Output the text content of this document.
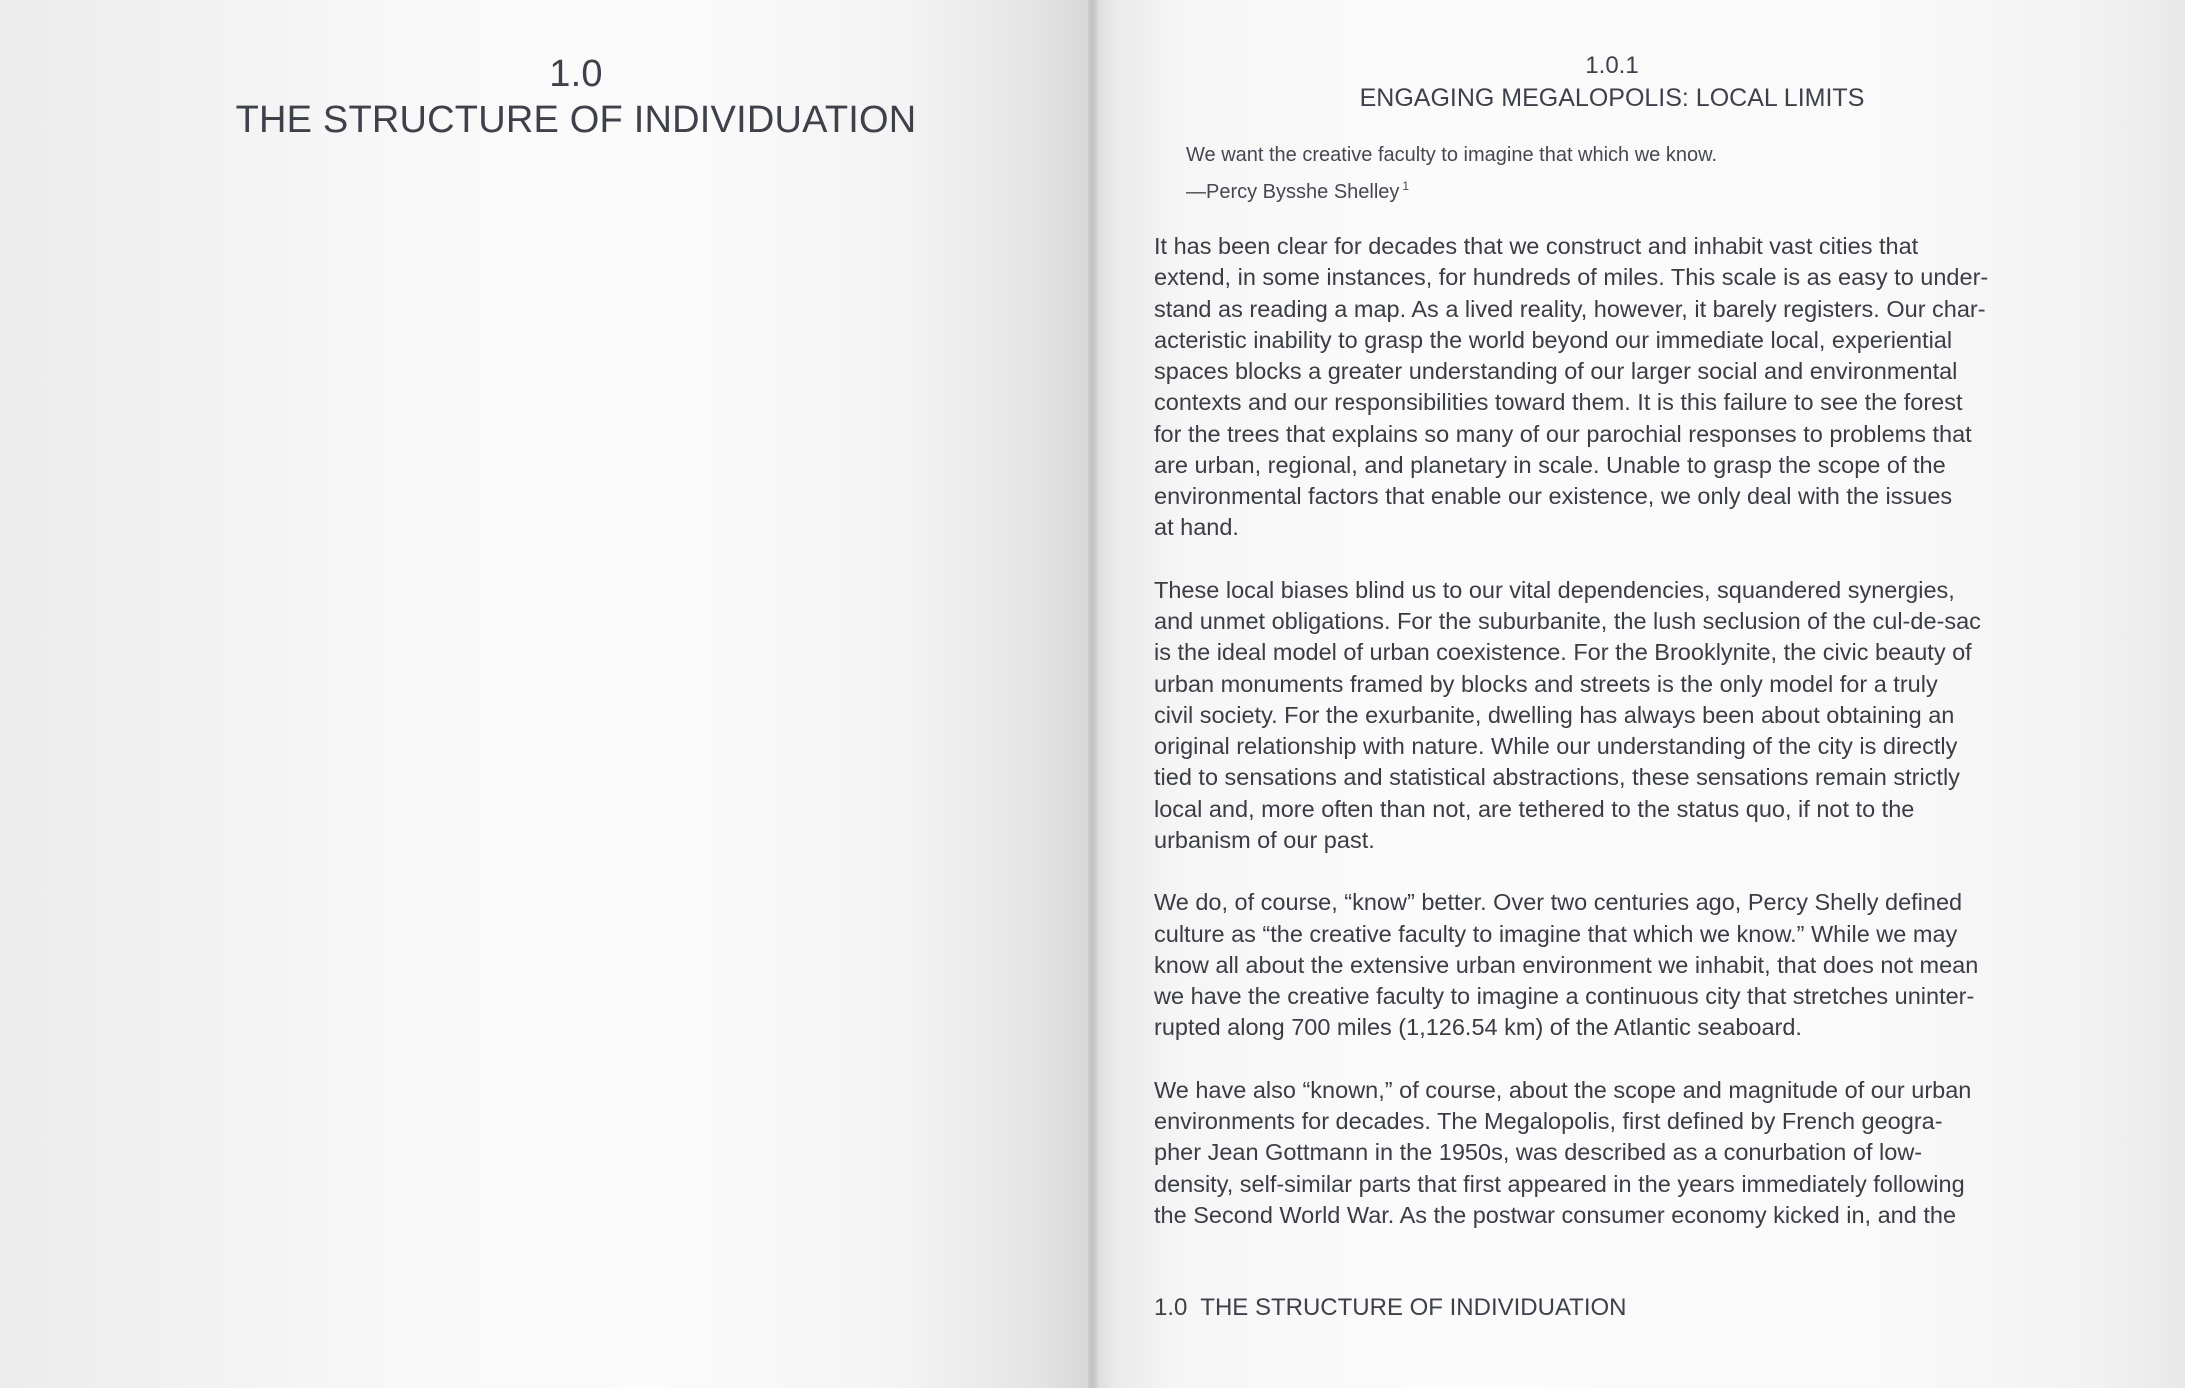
1.0
THE STRUCTURE OF INDIVIDUATION
1.0.1
ENGAGING MEGALOPOLIS: LOCAL LIMITS
We want the creative faculty to imagine that which we know.
—Percy Bysshe Shelley $^1$

It has been clear for decades that we construct and inhabit vast cities that
extend, in some instances, for hundreds of miles. This scale is as easy to under-
stand as reading a map. As a lived reality, however, it barely registers. Our char-
acteristic inability to grasp the world beyond our immediate local, experiential
spaces blocks a greater understanding of our larger social and environmental
contexts and our responsibilities toward them. It is this failure to see the forest
for the trees that explains so many of our parochial responses to problems that
are urban, regional, and planetary in scale. Unable to grasp the scope of the
environmental factors that enable our existence, we only deal with the issues
at hand.

These local biases blind us to our vital dependencies, squandered synergies,
and unmet obligations. For the suburbanite, the lush seclusion of the cul-de-sac
is the ideal model of urban coexistence. For the Brooklynite, the civic beauty of
urban monuments framed by blocks and streets is the only model for a truly
civil society. For the exurbanite, dwelling has always been about obtaining an
original relationship with nature. While our understanding of the city is directly
tied to sensations and statistical abstractions, these sensations remain strictly
local and, more often than not, are tethered to the status quo, if not to the
urbanism of our past.

We do, of course, “know” better. Over two centuries ago, Percy Shelly defined
culture as “the creative faculty to imagine that which we know.” While we may
know all about the extensive urban environment we inhabit, that does not mean
we have the creative faculty to imagine a continuous city that stretches uninter-
rupted along 700 miles (1,126.54 km) of the Atlantic seaboard.

We have also “known,” of course, about the scope and magnitude of our urban
environments for decades. The Megalopolis, first defined by French geogra-
pher Jean Gottmann in the 1950s, was described as a conurbation of low-
density, self-similar parts that first appeared in the years immediately following
the Second World War. As the postwar consumer economy kicked in, and the

1.0 THE STRUCTURE OF INDIVIDUATION
